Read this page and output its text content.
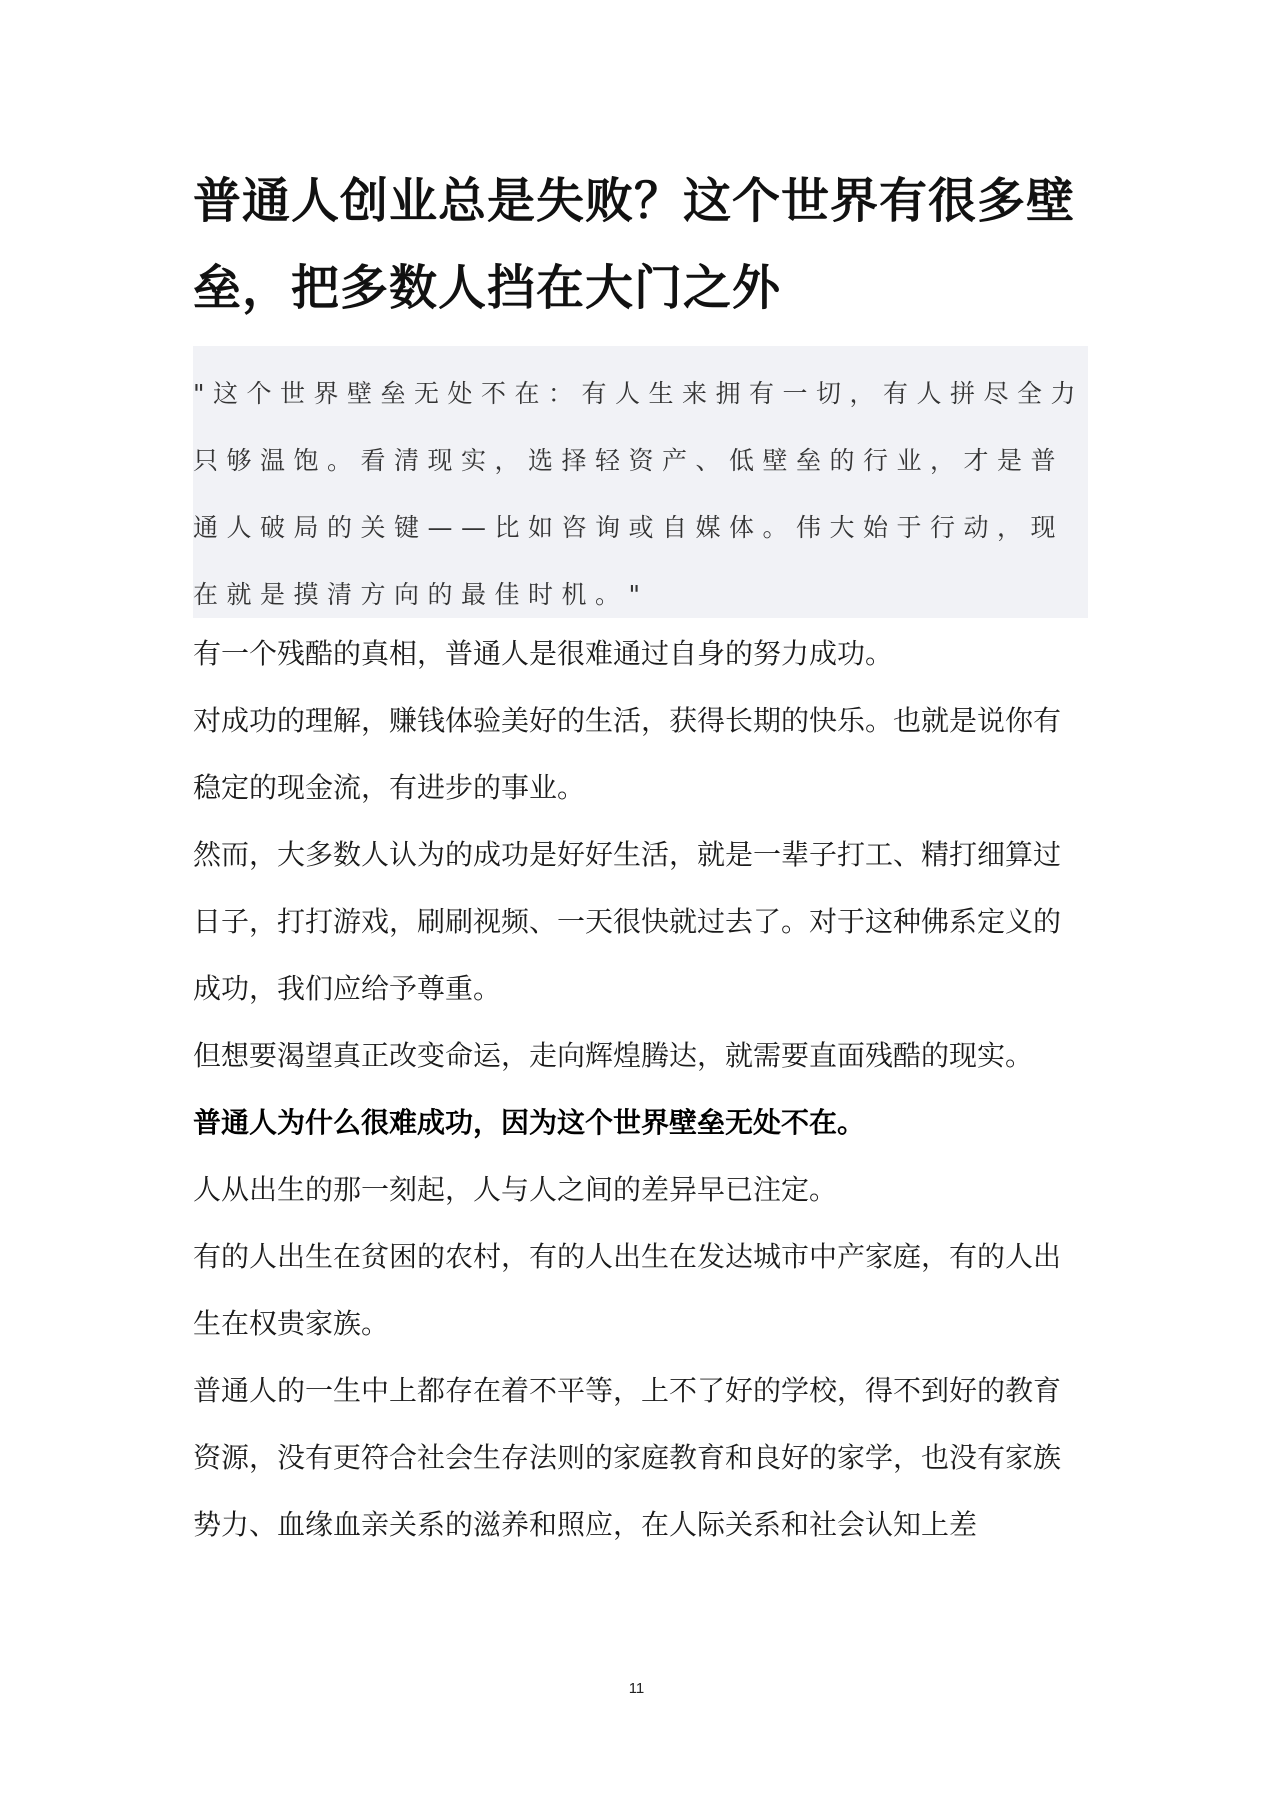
普通人创业总是失败？这个世界有很多壁垒，把多数人挡在大门之外
"这个世界壁垒无处不在：有人生来拥有一切，有人拼尽全力只够温饱。看清现实，选择轻资产、低壁垒的行业，才是普通人破局的关键——比如咨询或自媒体。伟大始于行动，现在就是摸清方向的最佳时机。"

有一个残酷的真相，普通人是很难通过自身的努力成功。

对成功的理解，赚钱体验美好的生活，获得长期的快乐。也就是说你有稳定的现金流，有进步的事业。

然而，大多数人认为的成功是好好生活，就是一辈子打工、精打细算过日子，打打游戏，刷刷视频、一天很快就过去了。对于这种佛系定义的成功，我们应给予尊重。

但想要渴望真正改变命运，走向辉煌腾达，就需要直面残酷的现实。

普通人为什么很难成功，因为这个世界壁垒无处不在。

人从出生的那一刻起，人与人之间的差异早已注定。

有的人出生在贫困的农村，有的人出生在发达城市中产家庭，有的人出生在权贵家族。

普通人的一生中上都存在着不平等，上不了好的学校，得不到好的教育资源，没有更符合社会生存法则的家庭教育和良好的家学，也没有家族势力、血缘血亲关系的滋养和照应，在人际关系和社会认知上差

11
